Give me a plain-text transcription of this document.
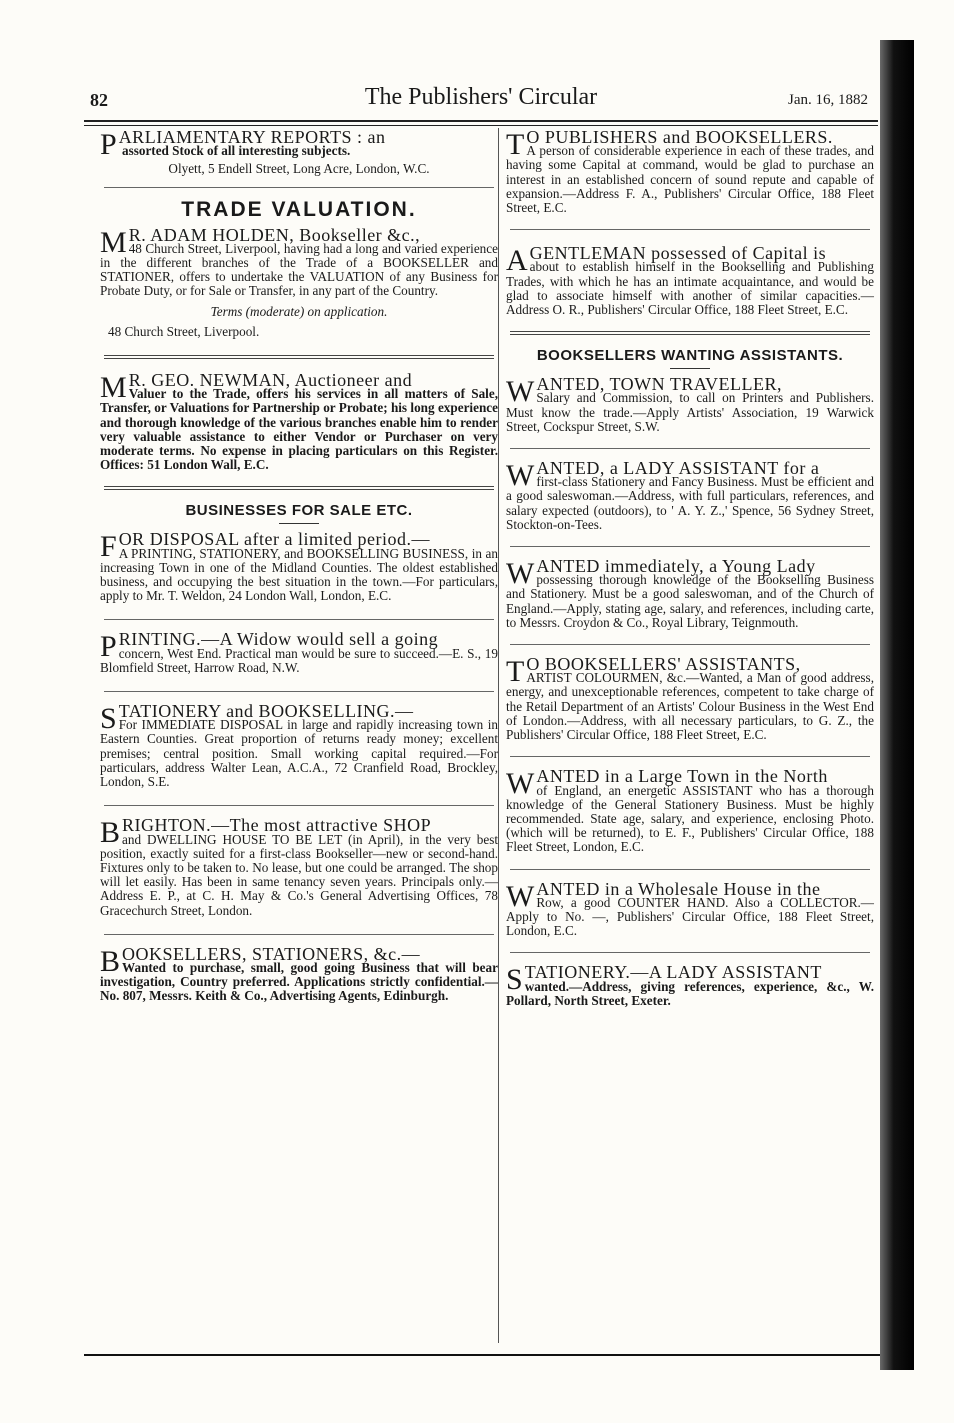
82	The Publishers' Circular	Jan. 16, 1882
P ARLIAMENTARY REPORTS : an
assorted Stock of all interesting subjects.
Olyett, 5 Endell Street, Long Acre, London, W.C.
TRADE VALUATION.
M R. ADAM HOLDEN, Bookseller &c.,

48 Church Street, Liverpool, having had a long and varied experience in the different branches of the Trade of a BOOKSELLER and STATIONER, offers to undertake the VALUATION of any Business for Probate Duty, or for Sale or Transfer, in any part of the Country.

Terms (moderate) on application.

48 Church Street, Liverpool.

M R. GEO. NEWMAN, Auctioneer and

Valuer to the Trade, offers his services in all matters of Sale, Transfer, or Valuations for Partnership or Probate; his long experience and thorough knowledge of the various branches enable him to render very valuable assistance to either Vendor or Purchaser on very moderate terms. No expense in placing particulars on this Register. Offices: 51 London Wall, E.C.

BUSINESSES FOR SALE ETC.
F OR DISPOSAL after a limited period.—

A PRINTING, STATIONERY, and BOOKSELLING BUSINESS, in an increasing Town in one of the Midland Counties. The oldest established business, and occupying the best situation in the town.—For particulars, apply to Mr. T. Weldon, 24 London Wall, London, E.C.

P RINTING.—A Widow would sell a going

concern, West End. Practical man would be sure to succeed.—E. S., 19 Blomfield Street, Harrow Road, N.W.

S TATIONERY and BOOKSELLING.—

For IMMEDIATE DISPOSAL in large and rapidly increasing town in Eastern Counties. Great proportion of returns ready money; excellent premises; central position. Small working capital required.—For particulars, address Walter Lean, A.C.A., 72 Cranfield Road, Brockley, London, S.E.

B RIGHTON.—The most attractive SHOP

and DWELLING HOUSE TO BE LET (in April), in the very best position, exactly suited for a first-class Bookseller—new or second-hand. Fixtures only to be taken to. No lease, but one could be arranged. The shop will let easily. Has been in same tenancy seven years. Principals only.—Address E. P., at C. H. May & Co.'s General Advertising Offices, 78 Gracechurch Street, London.

B OOKSELLERS, STATIONERS, &c.—

Wanted to purchase, small, good going Business that will bear investigation, Country preferred. Applications strictly confidential.—No. 807, Messrs. Keith & Co., Advertising Agents, Edinburgh.

T O PUBLISHERS and BOOKSELLERS.

A person of considerable experience in each of these trades, and having some Capital at command, would be glad to purchase an interest in an established concern of sound repute and capable of expansion.—Address F. A., Publishers' Circular Office, 188 Fleet Street, E.C.

A GENTLEMAN possessed of Capital is

about to establish himself in the Bookselling and Publishing Trades, with which he has an intimate acquaintance, and would be glad to associate himself with another of similar capacities.—Address O. R., Publishers' Circular Office, 188 Fleet Street, E.C.

BOOKSELLERS WANTING ASSISTANTS.
W ANTED, TOWN TRAVELLER,

Salary and Commission, to call on Printers and Publishers. Must know the trade.—Apply Artists' Association, 19 Warwick Street, Cockspur Street, S.W.

W ANTED, a LADY ASSISTANT for a

first-class Stationery and Fancy Business. Must be efficient and a good saleswoman.—Address, with full particulars, references, and salary expected (outdoors), to ' A. Y. Z.,' Spence, 56 Sydney Street, Stockton-on-Tees.

W ANTED immediately, a Young Lady

possessing thorough knowledge of the Bookselling Business and Stationery. Must be a good saleswoman, and of the Church of England.—Apply, stating age, salary, and references, including carte, to Messrs. Croydon & Co., Royal Library, Teignmouth.

T O BOOKSELLERS' ASSISTANTS,

ARTIST COLOURMEN, &c.—Wanted, a Man of good address, energy, and unexceptionable references, competent to take charge of the Retail Department of an Artists' Colour Business in the West End of London.—Address, with all necessary particulars, to G. Z., the Publishers' Circular Office, 188 Fleet Street, E.C.

W ANTED in a Large Town in the North

of England, an energetic ASSISTANT who has a thorough knowledge of the General Stationery Business. Must be highly recommended. State age, salary, and experience, enclosing Photo. (which will be returned), to E. F., Publishers' Circular Office, 188 Fleet Street, London, E.C.

W ANTED in a Wholesale House in the

Row, a good COUNTER HAND. Also a COLLECTOR.—Apply to No. —, Publishers' Circular Office, 188 Fleet Street, London, E.C.

S TATIONERY.—A LADY ASSISTANT

wanted.—Address, giving references, experience, &c., W. Pollard, North Street, Exeter.
